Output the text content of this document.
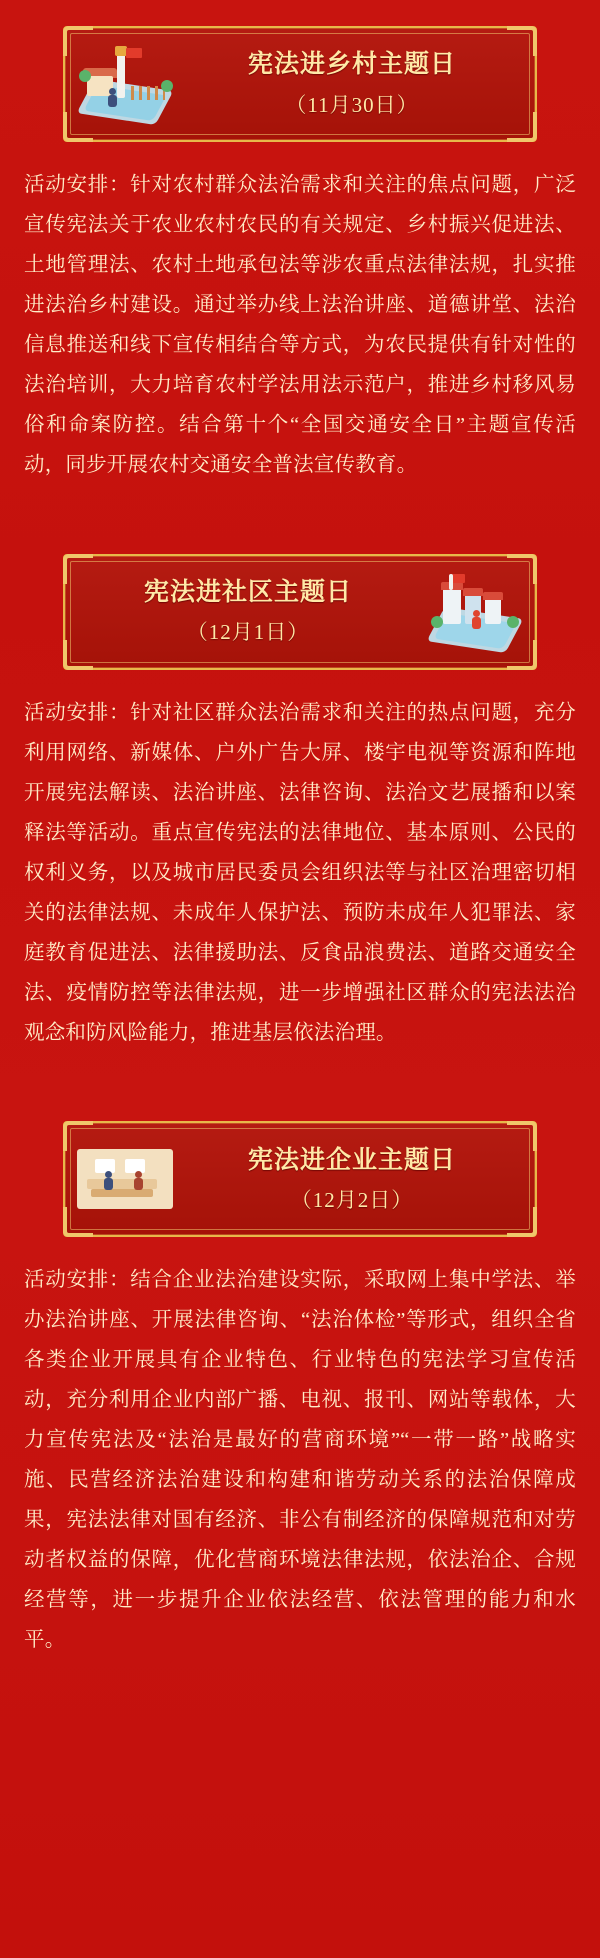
宪法进乡村主题日
（11月30日）
活动安排：针对农村群众法治需求和关注的焦点问题，广泛宣传宪法关于农业农村农民的有关规定、乡村振兴促进法、土地管理法、农村土地承包法等涉农重点法律法规，扎实推进法治乡村建设。通过举办线上法治讲座、道德讲堂、法治信息推送和线下宣传相结合等方式，为农民提供有针对性的法治培训，大力培育农村学法用法示范户，推进乡村移风易俗和命案防控。结合第十个“全国交通安全日”主题宣传活动，同步开展农村交通安全普法宣传教育。
宪法进社区主题日
（12月1日）
活动安排：针对社区群众法治需求和关注的热点问题，充分利用网络、新媒体、户外广告大屏、楼宇电视等资源和阵地开展宪法解读、法治讲座、法律咨询、法治文艺展播和以案释法等活动。重点宣传宪法的法律地位、基本原则、公民的权利义务，以及城市居民委员会组织法等与社区治理密切相关的法律法规、未成年人保护法、预防未成年人犯罪法、家庭教育促进法、法律援助法、反食品浪费法、道路交通安全法、疫情防控等法律法规，进一步增强社区群众的宪法法治观念和防风险能力，推进基层依法治理。
宪法进企业主题日
（12月2日）
活动安排：结合企业法治建设实际，采取网上集中学法、举办法治讲座、开展法律咨询、“法治体检”等形式，组织全省各类企业开展具有企业特色、行业特色的宪法学习宣传活动，充分利用企业内部广播、电视、报刊、网站等载体，大力宣传宪法及“法治是最好的营商环境”“一带一路”战略实施、民营经济法治建设和构建和谐劳动关系的法治保障成果，宪法法律对国有经济、非公有制经济的保障规范和对劳动者权益的保障，优化营商环境法律法规，依法治企、合规经营等，进一步提升企业依法经营、依法管理的能力和水平。
